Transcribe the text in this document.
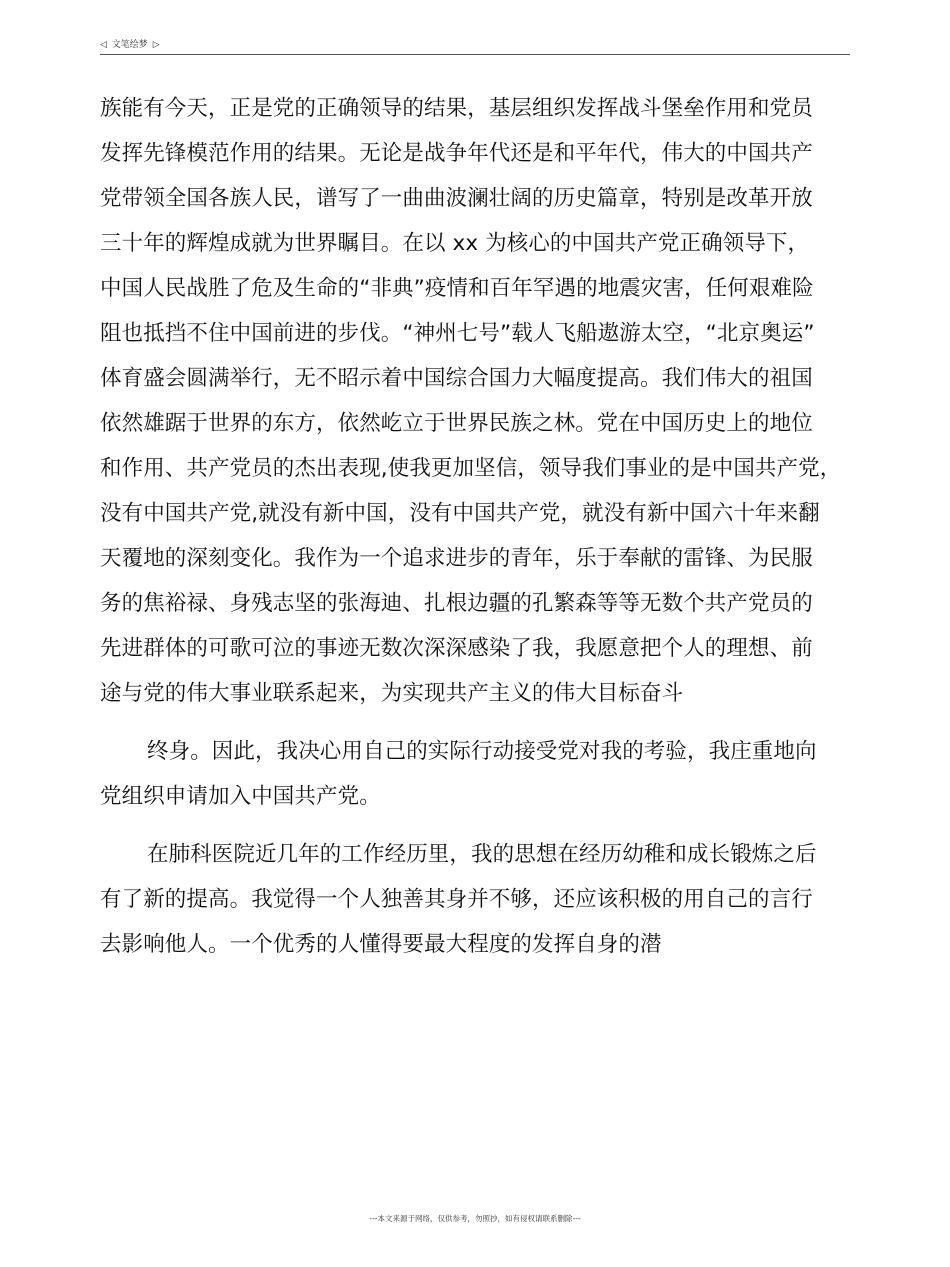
◁ 文笔绘梦 ▷
族能有今天，正是党的正确领导的结果，基层组织发挥战斗堡垒作用和党员
发挥先锋模范作用的结果。无论是战争年代还是和平年代，伟大的中国共产
党带领全国各族人民，谱写了一曲曲波澜壮阔的历史篇章，特别是改革开放
三十年的辉煌成就为世界瞩目。在以 xx 为核心的中国共产党正确领导下，
中国人民战胜了危及生命的“非典”疫情和百年罕遇的地震灾害，任何艰难险
阻也抵挡不住中国前进的步伐。“神州七号”载人飞船遨游太空，“北京奥运”
体育盛会圆满举行，无不昭示着中国综合国力大幅度提高。我们伟大的祖国
依然雄踞于世界的东方，依然屹立于世界民族之林。党在中国历史上的地位
和作用、共产党员的杰出表现,使我更加坚信，领导我们事业的是中国共产党，
没有中国共产党,就没有新中国，没有中国共产党，就没有新中国六十年来翻
天覆地的深刻变化。我作为一个追求进步的青年，乐于奉献的雷锋、为民服
务的焦裕禄、身残志坚的张海迪、扎根边疆的孔繁森等等无数个共产党员的
先进群体的可歌可泣的事迹无数次深深感染了我，我愿意把个人的理想、前
途与党的伟大事业联系起来，为实现共产主义的伟大目标奋斗
终身。因此，我决心用自己的实际行动接受党对我的考验，我庄重地向
党组织申请加入中国共产党。
在肺科医院近几年的工作经历里，我的思想在经历幼稚和成长锻炼之后
有了新的提高。我觉得一个人独善其身并不够，还应该积极的用自己的言行
去影响他人。一个优秀的人懂得要最大程度的发挥自身的潜
---本文来源于网络，仅供参考，勿照抄，如有侵权请联系删除---
